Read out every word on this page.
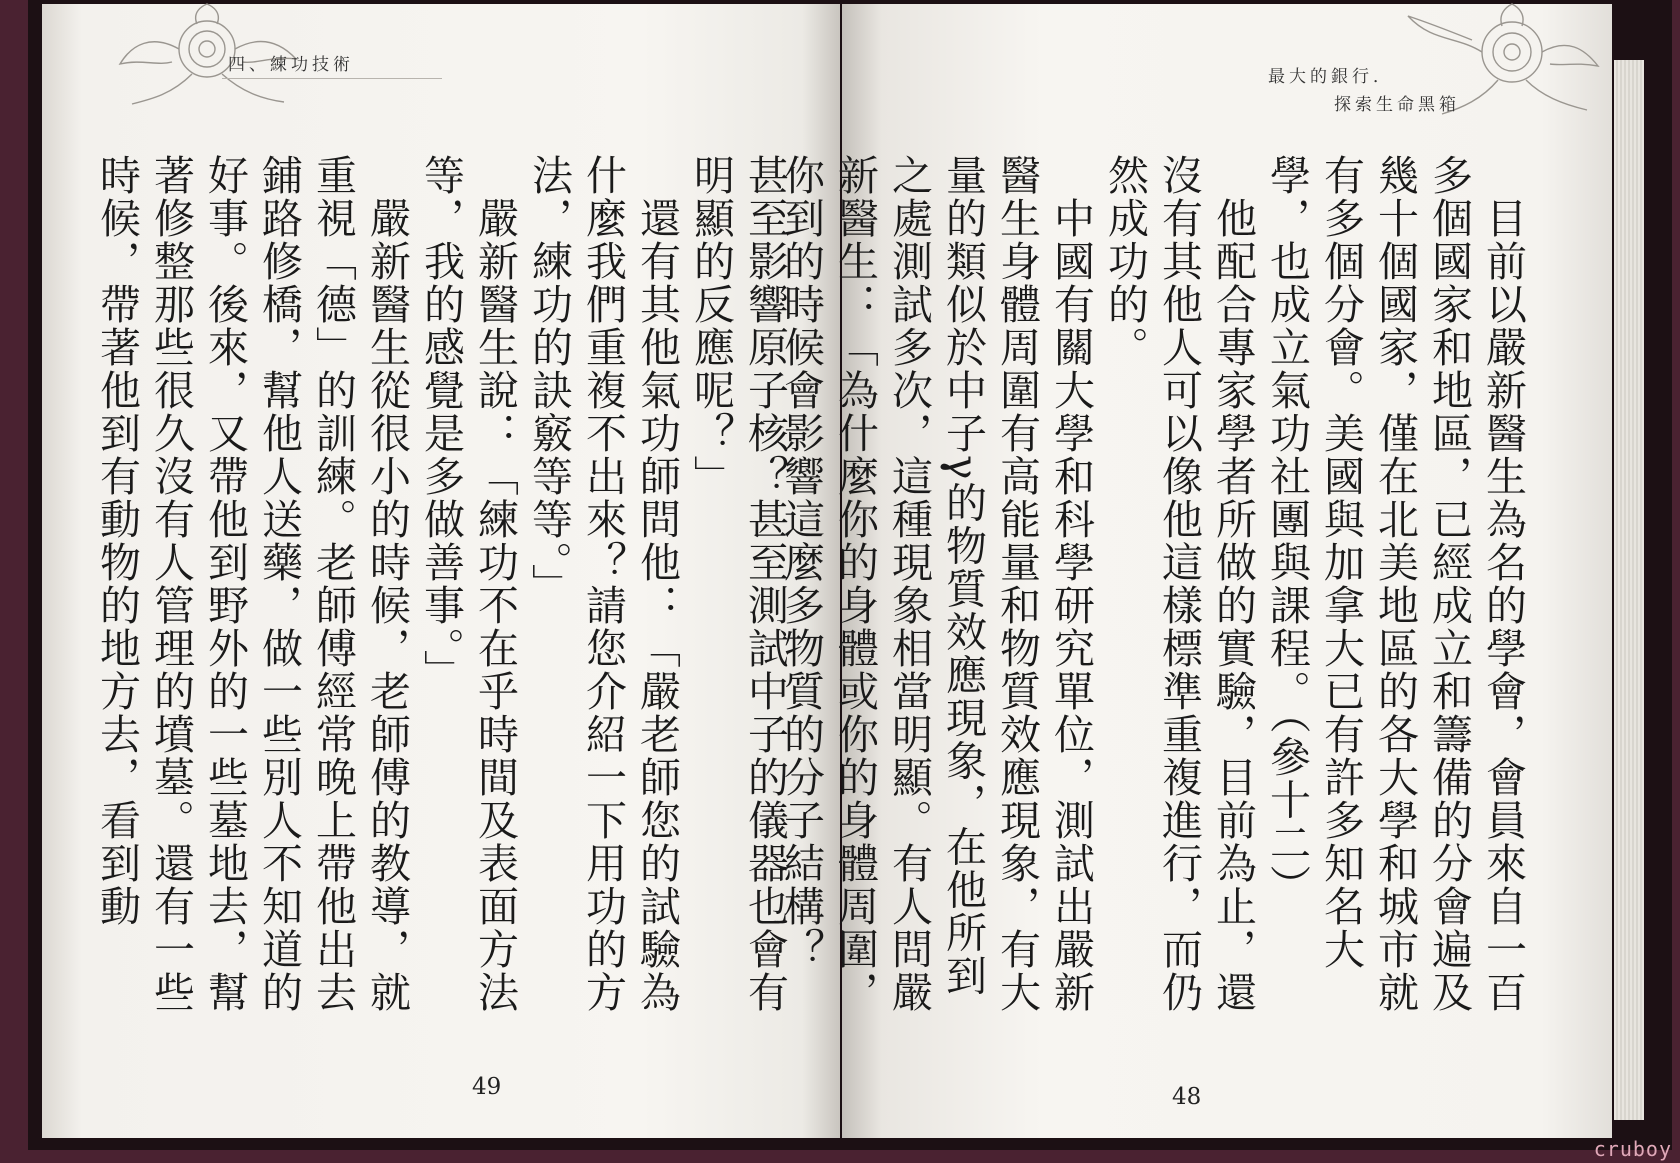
四、練功技術

甚至影響原子核？甚至測試中子的儀器也會有明顯的反應呢？」

　還有其他氣功師問他：「嚴老師您的試驗為什麼我們重複不出來？請您介紹一下用功的方法，練功的訣竅等等。」

　嚴新醫生說：「練功不在乎時間及表面方法等，我的感覺是多做善事。」

　嚴新醫生從很小的時候，老師傅的教導，就重視「德」的訓練。老師傅經常晚上帶他出去鋪路修橋，幫他人送藥，做一些別人不知道的好事。後來，又帶他到野外的一些墓地去，幫著修整那些很久沒有人管理的墳墓。還有一些時候，帶著他到有動物的地方去，看到動

49
最大的銀行．
探索生命黑箱

　目前以嚴新醫生為名的學會，會員來自一百多個國家和地區，已經成立和籌備的分會遍及幾十個國家，僅在北美地區的各大學和城市就有多個分會。美國與加拿大已有許多知名大學，也成立氣功社團與課程。（參十二）

　他配合專家學者所做的實驗，目前為止，還沒有其他人可以像他這樣標準重複進行，而仍然成功的。

　中國有關大學和科學研究單位，測試出嚴新醫生身體周圍有高能量和物質效應現象，有大量的類似於中子γ的物質效應現象，在他所到之處測試多次，這種現象相當明顯。有人問嚴新醫生：「為什麼你的身體或你的身體周圍，你到的時候會影響這麼多物質的分子結構？

48
cruboy
